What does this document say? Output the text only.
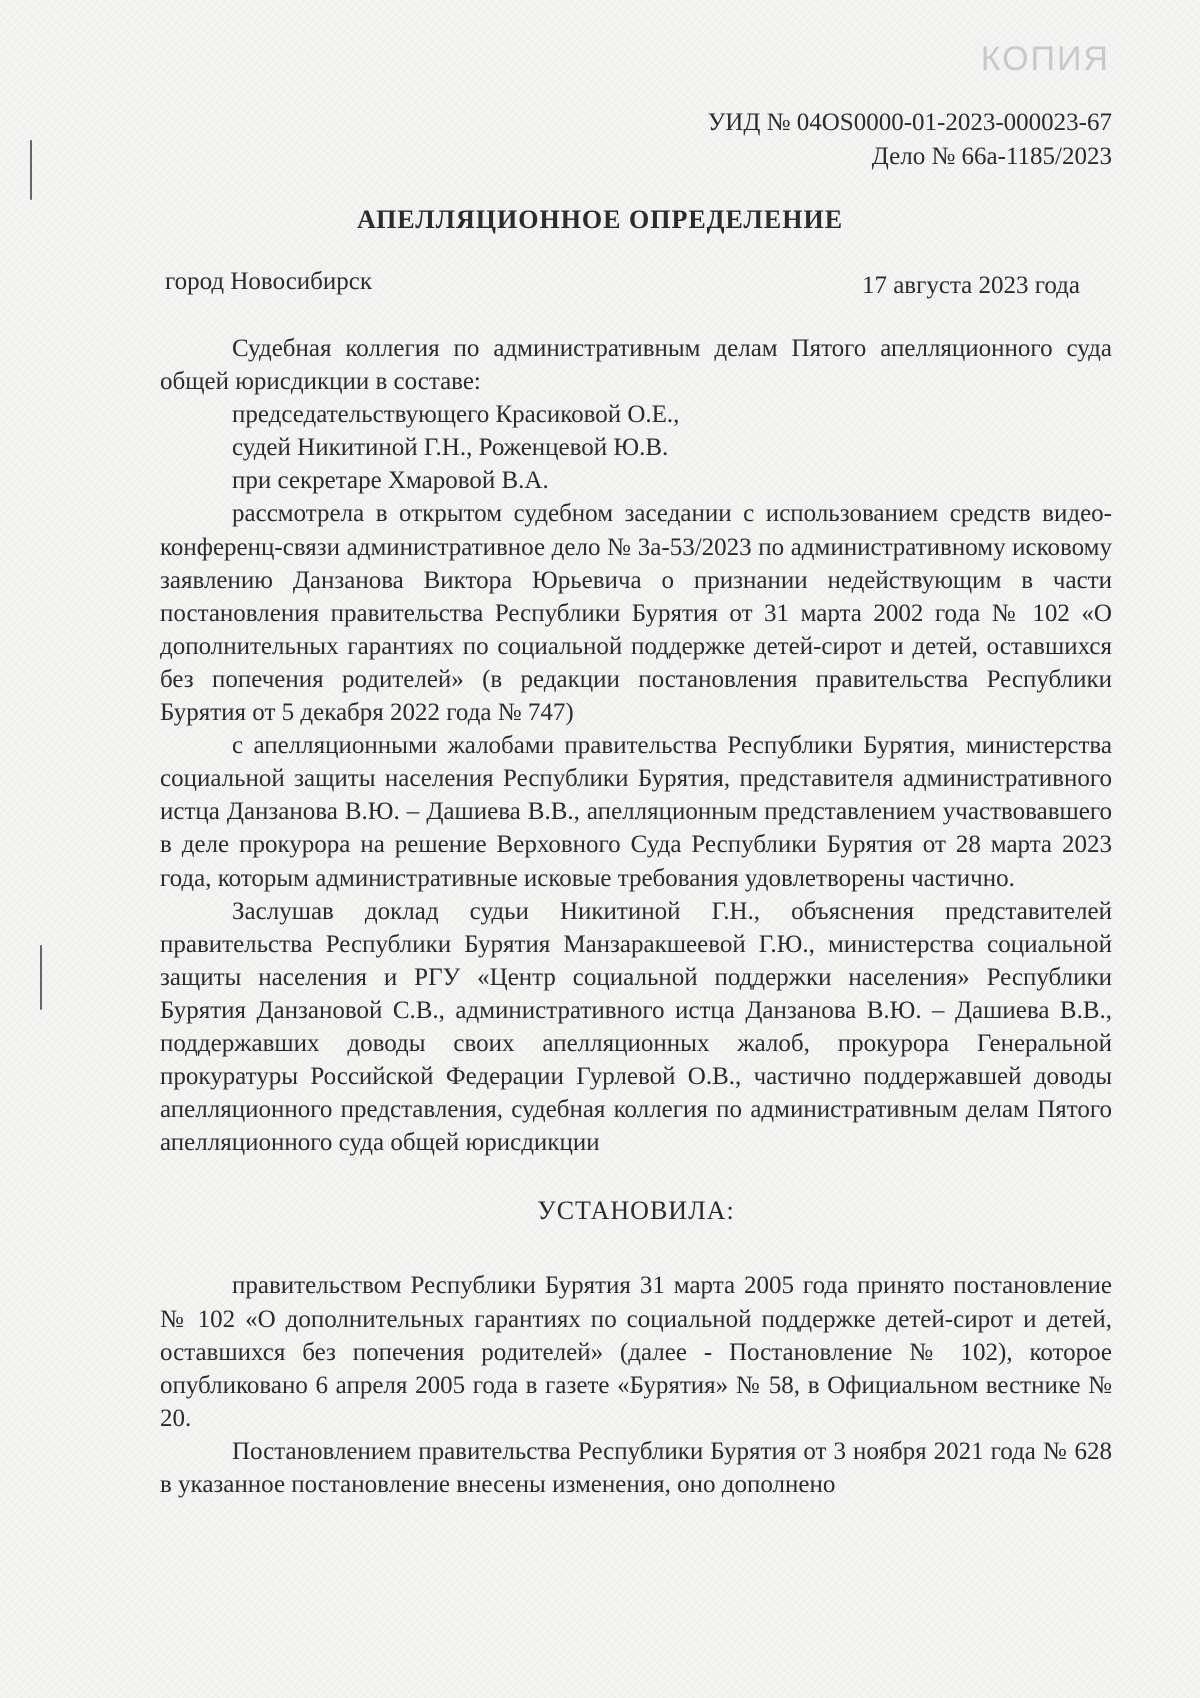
КОПИЯ
УИД № 04OS0000-01-2023-000023-67
Дело № 66а-1185/2023
АПЕЛЛЯЦИОННОЕ ОПРЕДЕЛЕНИЕ
город Новосибирск	17 августа 2023 года

Судебная коллегия по административным делам Пятого апелляционного суда общей юрисдикции в составе:

председательствующего Красиковой О.Е.,

судей Никитиной Г.Н., Роженцевой Ю.В.

при секретаре Хмаровой В.А.

рассмотрела в открытом судебном заседании с использованием средств видео-конференц-связи административное дело № 3а-53/2023 по административному исковому заявлению Данзанова Виктора Юрьевича о признании недействующим в части постановления правительства Республики Бурятия от 31 марта 2002 года № 102 «О дополнительных гарантиях по социальной поддержке детей-сирот и детей, оставшихся без попечения родителей» (в редакции постановления правительства Республики Бурятия от 5 декабря 2022 года № 747)

с апелляционными жалобами правительства Республики Бурятия, министерства социальной защиты населения Республики Бурятия, представителя административного истца Данзанова В.Ю. – Дашиева В.В., апелляционным представлением участвовавшего в деле прокурора на решение Верховного Суда Республики Бурятия от 28 марта 2023 года, которым административные исковые требования удовлетворены частично.

Заслушав доклад судьи Никитиной Г.Н., объяснения представителей правительства Республики Бурятия Манзаракшеевой Г.Ю., министерства социальной защиты населения и РГУ «Центр социальной поддержки населения» Республики Бурятия Данзановой С.В., административного истца Данзанова В.Ю. – Дашиева В.В., поддержавших доводы своих апелляционных жалоб, прокурора Генеральной прокуратуры Российской Федерации Гурлевой О.В., частично поддержавшей доводы апелляционного представления, судебная коллегия по административным делам Пятого апелляционного суда общей юрисдикции

УСТАНОВИЛА:

правительством Республики Бурятия 31 марта 2005 года принято постановление № 102 «О дополнительных гарантиях по социальной поддержке детей-сирот и детей, оставшихся без попечения родителей» (далее - Постановление № 102), которое опубликовано 6 апреля 2005 года в газете «Бурятия» № 58, в Официальном вестнике № 20.

Постановлением правительства Республики Бурятия от 3 ноября 2021 года № 628 в указанное постановление внесены изменения, оно дополнено
